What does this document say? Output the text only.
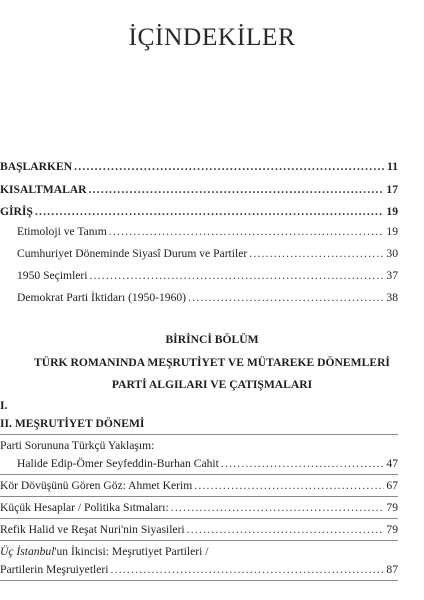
İÇİNDEKİLER
BAŞLARKEN .....	11
KISALTMALAR .....	17
GİRİŞ .....	19
Etimoloji ve Tanım .....	19
Cumhuriyet Döneminde Siyasî Durum ve Partiler .....	30
1950 Seçimleri .....	37
Demokrat Parti İktidarı (1950-1960) .....	38
BİRİNCİ BÖLÜM
TÜRK ROMANINDA MEŞRUTİYET VE MÜTAREKE DÖNEMLERİ
PARTİ ALGILARI VE ÇATIŞMALARI
I.
II. MEŞRUTİYET DÖNEMİ
Parti Sorununa Türkçü Yaklaşım:
Halide Edip-Ömer Seyfeddin-Burhan Cahit .....	47
Kör Dövüşünü Gören Göz: Ahmet Kerim .....	67
Küçük Hesaplar / Politika Sıtmaları: .....	79
Refik Halid ve Reşat Nuri'nin Siyasileri .....	79
Üç İstanbul'un İkincisi: Meşrutiyet Partileri /
Partilerin Meşruiyetleri .....	87
